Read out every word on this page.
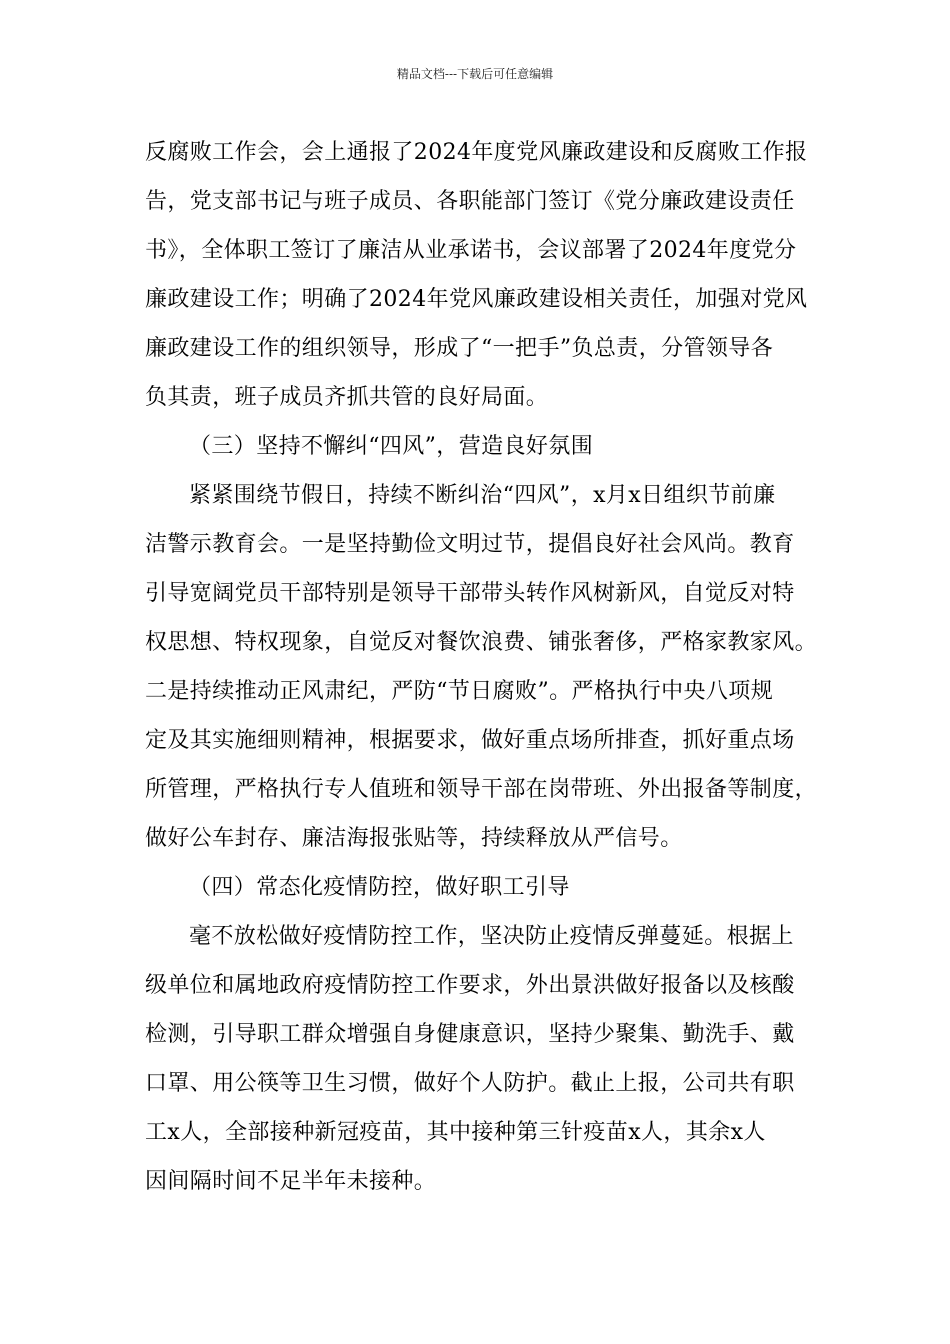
精品文档---下载后可任意编辑
反腐败工作会，会上通报了2024年度党风廉政建设和反腐败工作报
告，党支部书记与班子成员、各职能部门签订《党分廉政建设责任
书》，全体职工签订了廉洁从业承诺书，会议部署了2024年度党分
廉政建设工作；明确了2024年党风廉政建设相关责任，加强对党风
廉政建设工作的组织领导，形成了“一把手”负总责，分管领导各
负其责，班子成员齐抓共管的良好局面。
（三）坚持不懈纠“四风”，营造良好氛围
紧紧围绕节假日，持续不断纠治“四风”，x月x日组织节前廉
洁警示教育会。一是坚持勤俭文明过节，提倡良好社会风尚。教育
引导宽阔党员干部特别是领导干部带头转作风树新风，自觉反对特
权思想、特权现象，自觉反对餐饮浪费、铺张奢侈，严格家教家风。
二是持续推动正风肃纪，严防“节日腐败”。严格执行中央八项规
定及其实施细则精神，根据要求，做好重点场所排查，抓好重点场
所管理，严格执行专人值班和领导干部在岗带班、外出报备等制度，
做好公车封存、廉洁海报张贴等，持续释放从严信号。
（四）常态化疫情防控，做好职工引导
毫不放松做好疫情防控工作，坚决防止疫情反弹蔓延。根据上
级单位和属地政府疫情防控工作要求，外出景洪做好报备以及核酸
检测，引导职工群众增强自身健康意识，坚持少聚集、勤洗手、戴
口罩、用公筷等卫生习惯，做好个人防护。截止上报，公司共有职
工x人，全部接种新冠疫苗，其中接种第三针疫苗x人，其余x人
因间隔时间不足半年未接种。
